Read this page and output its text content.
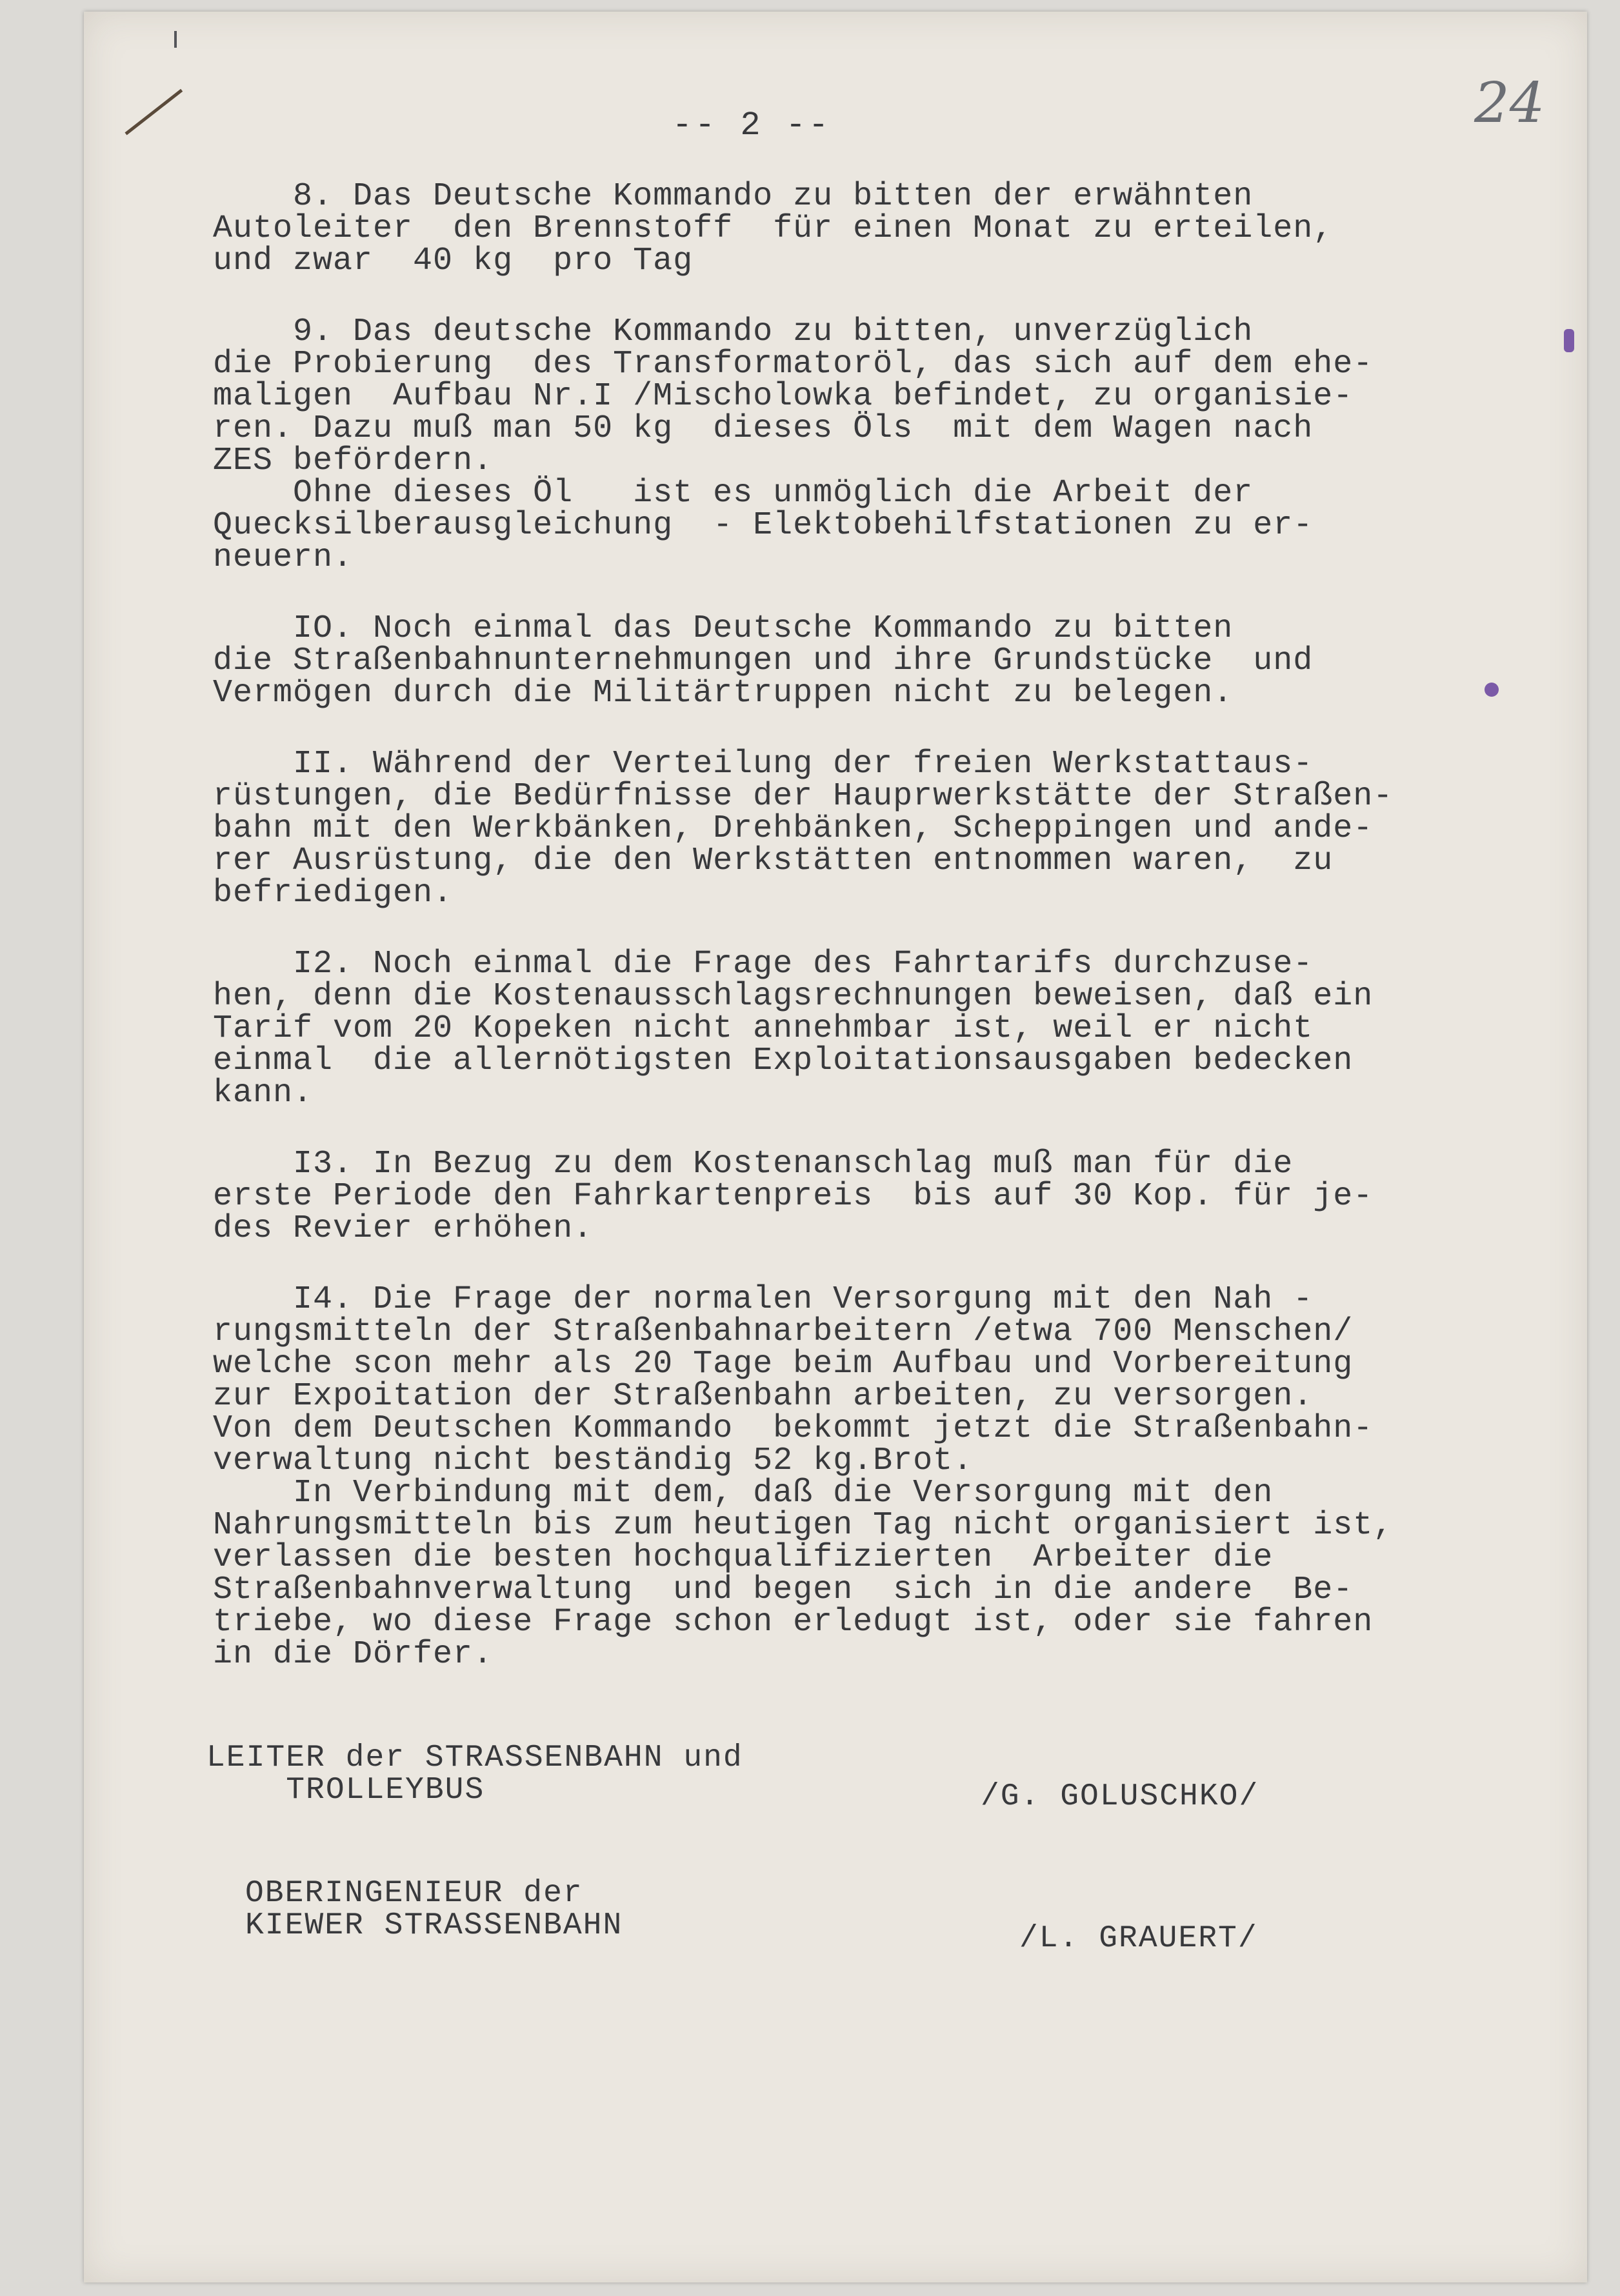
24
-- 2 --
8. Das Deutsche Kommando zu bitten der erwähnten
Autoleiter  den Brennstoff  für einen Monat zu erteilen,
und zwar  40 kg  pro Tag
9. Das deutsche Kommando zu bitten, unverzüglich
die Probierung  des Transformatoröl, das sich auf dem ehe-
maligen  Aufbau Nr.I /Mischolowka befindet, zu organisie-
ren. Dazu muß man 50 kg  dieses Öls  mit dem Wagen nach
ZES befördern.
Ohne dieses Öl   ist es unmöglich die Arbeit der
Quecksilberausgleichung  - Elektobehilfstationen zu er-
neuern.
IO. Noch einmal das Deutsche Kommando zu bitten
die Straßenbahnunternehmungen und ihre Grundstücke  und
Vermögen durch die Militärtruppen nicht zu belegen.
II. Während der Verteilung der freien Werkstattaus-
rüstungen, die Bedürfnisse der Hauprwerkstätte der Straßen-
bahn mit den Werkbänken, Drehbänken, Scheppingen und ande-
rer Ausrüstung, die den Werkstätten entnommen waren,  zu
befriedigen.
I2. Noch einmal die Frage des Fahrtarifs durchzuse-
hen, denn die Kostenausschlagsrechnungen beweisen, daß ein
Tarif vom 20 Kopeken nicht annehmbar ist, weil er nicht
einmal  die allernötigsten Exploitationsausgaben bedecken
kann.
I3. In Bezug zu dem Kostenanschlag muß man für die
erste Periode den Fahrkartenpreis  bis auf 30 Kop. für je-
des Revier erhöhen.
I4. Die Frage der normalen Versorgung mit den Nah -
rungsmitteln der Straßenbahnarbeitern /etwa 700 Menschen/
welche scon mehr als 20 Tage beim Aufbau und Vorbereitung
zur Expoitation der Straßenbahn arbeiten, zu versorgen.
Von dem Deutschen Kommando  bekommt jetzt die Straßenbahn-
verwaltung nicht beständig 52 kg.Brot.
In Verbindung mit dem, daß die Versorgung mit den
Nahrungsmitteln bis zum heutigen Tag nicht organisiert ist,
verlassen die besten hochqualifizierten  Arbeiter die
Straßenbahnverwaltung  und begen  sich in die andere  Be-
triebe, wo diese Frage schon erledugt ist, oder sie fahren
in die Dörfer.
LEITER der STRASSENBAHN und
TROLLEYBUS	/G. GOLUSCHKO/
OBERINGENIEUR der
KIEWER STRASSENBAHN	/L. GRAUERT/
